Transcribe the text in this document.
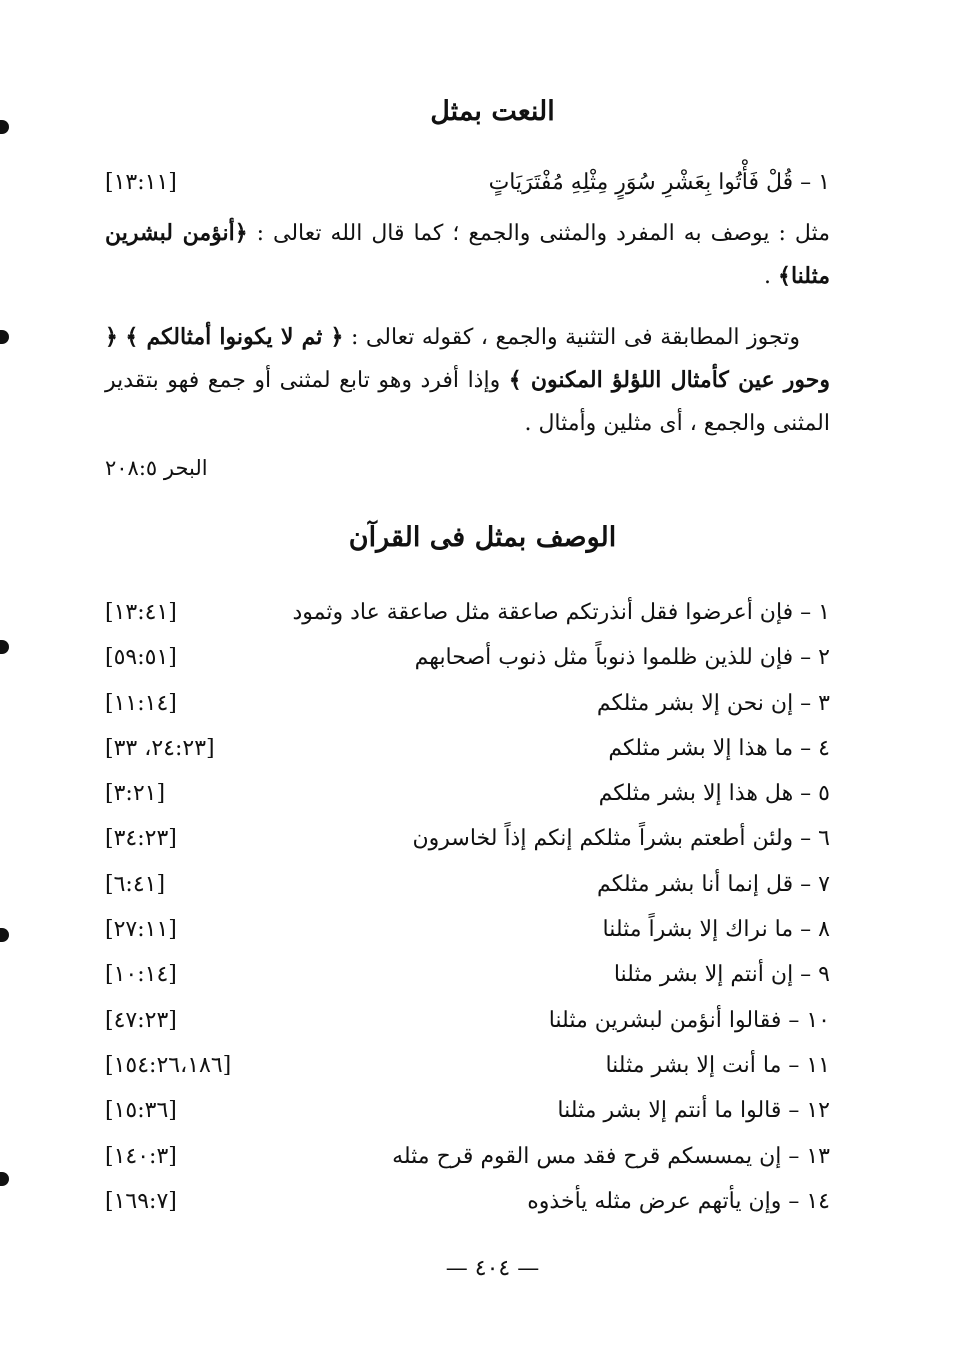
النعت بمثل
١ – قُلْ فَأْتُوا بِعَشْرِ سُوَرٍ مِثْلِهِ مُفْتَرَيَاتٍ
[١٣:١١]
مثل : يوصف به المفرد والمثنى والجمع ؛ كما قال الله تعالى : ﴿أنؤمن لبشرين مثلنا﴾ .
وتجوز المطابقة فى التثنية والجمع ، كقوله تعالى : ﴿ ثم لا يكونوا أمثالكم ﴾ ﴿ وحور عين كأمثال اللؤلؤ المكنون ﴾ وإذا أفرد وهو تابع لمثنى أو جمع فهو بتقدير المثنى والجمع ، أى مثلين وأمثال .
البحر ٢٠٨:٥
الوصف بمثل فى القرآن
١ – فإن أعرضوا فقل أنذرتكم صاعقة مثل صاعقة عاد وثمود
[١٣:٤١]
٢ – فإن للذين ظلموا ذنوباً مثل ذنوب أصحابهم
[٥٩:٥١]
٣ – إن نحن إلا بشر مثلكم
[١١:١٤]
٤ – ما هذا إلا بشر مثلكم
[٢٤:٢٣، ٣٣]
٥ – هل هذا إلا بشر مثلكم
[٣:٢١]
٦ – ولئن أطعتم بشراً مثلكم إنكم إذاً لخاسرون
[٣٤:٢٣]
٧ – قل إنما أنا بشر مثلكم
[٦:٤١]
٨ – ما نراك إلا بشراً مثلنا
[٢٧:١١]
٩ – إن أنتم إلا بشر مثلنا
[١٠:١٤]
١٠ – فقالوا أنؤمن لبشرين مثلنا
[٤٧:٢٣]
١١ – ما أنت إلا بشر مثلنا
[١٥٤:٢٦،١٨٦]
١٢ – قالوا ما أنتم إلا بشر مثلنا
[١٥:٣٦]
١٣ – إن يمسسكم قرح فقد مس القوم قرح مثله
[١٤٠:٣]
١٤ – وإن يأتهم عرض مثله يأخذوه
[١٦٩:٧]
— ٤٠٤ —
